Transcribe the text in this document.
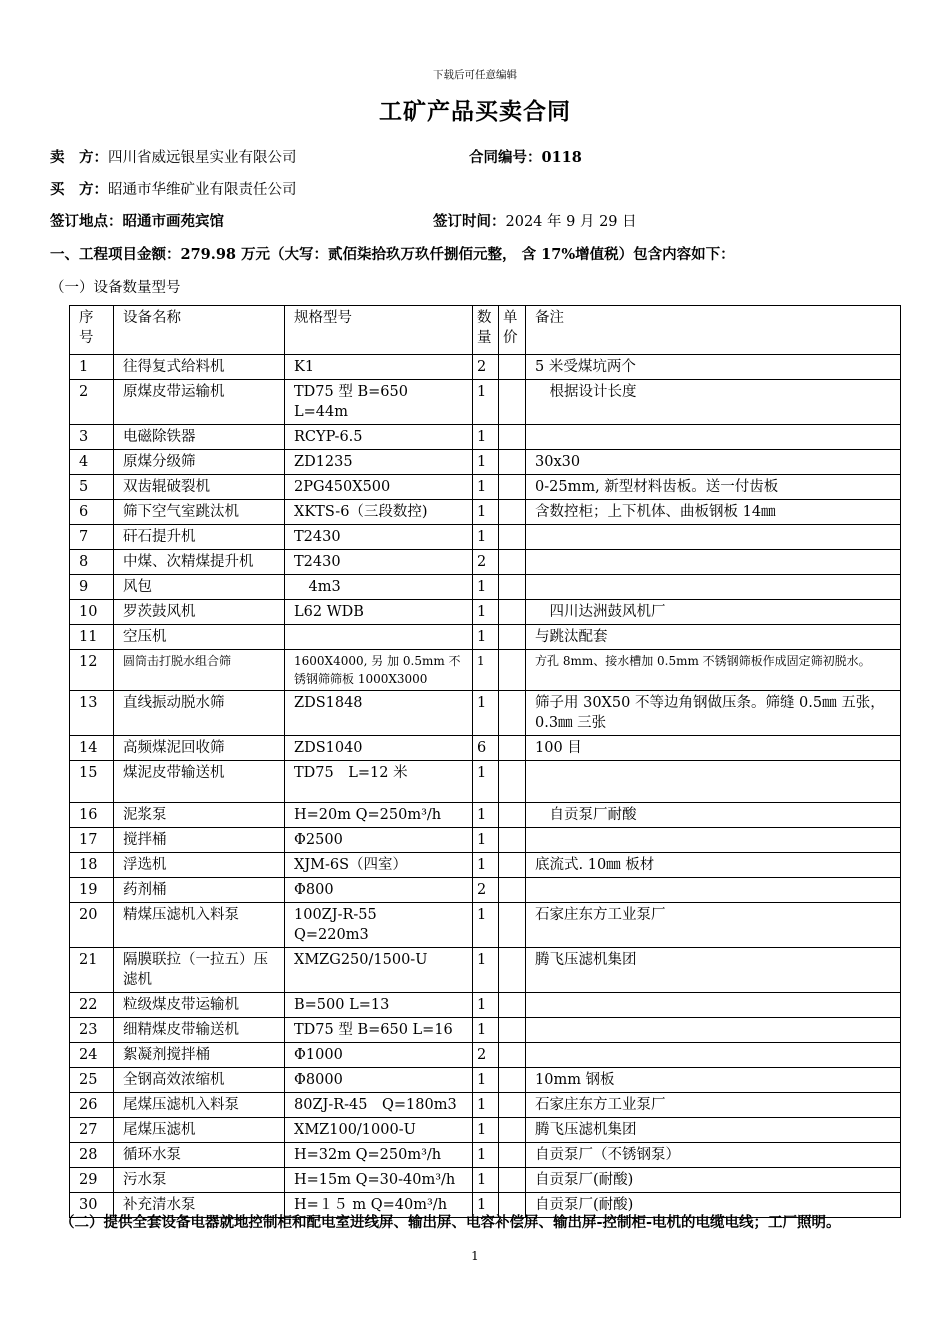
下载后可任意编辑
工矿产品买卖合同
卖　方：四川省威远银星实业有限公司	合同编号：0118
买　方：昭通市华维矿业有限责任公司
签订地点：昭通市画苑宾馆	签订时间：2024 年 9 月 29 日
一、工程项目金额：279.98 万元（大写：贰佰柒拾玖万玖仟捌佰元整， 含 17%增值税）包含内容如下：
（一）设备数量型号
序号	设备名称	规格型号	数量	单价	备注
1	往得复式给料机	K1	2		5 米受煤坑两个
2	原煤皮带运输机	TD75 型 B=650 L=44m	1		　根据设计长度
3	电磁除铁器	RCYP-6.5	1		
4	原煤分级筛	ZD1235	1		30x30
5	双齿辊破裂机	2PG450X500	1		0-25mm, 新型材料齿板。送一付齿板
6	筛下空气室跳汰机	XKTS-6（三段数控)	1		含数控柜；上下机体、曲板钢板 14㎜
7	矸石提升机	T2430	1		
8	中煤、次精煤提升机	T2430	2		
9	风包	　4m3	1		
10	罗茨鼓风机	L62 WDB	1		　四川达洲鼓风机厂
11	空压机		1		与跳汰配套
12	圆筒击打脱水组合筛	1600X4000, 另 加 0.5mm 不锈钢筛筛板 1000X3000	1		方孔 8mm、接水槽加 0.5mm 不锈钢筛板作成固定筛初脱水。
13	直线振动脱水筛	ZDS1848	1		筛子用 30X50 不等边角钢做压条。筛缝 0.5㎜ 五张，0.3㎜ 三张
14	高频煤泥回收筛	ZDS1040	6		100 目
15	煤泥皮带输送机	TD75　L=12 米	1		
16	泥浆泵	H=20m Q=250m³/h	1		　自贡泵厂耐酸
17	搅拌桶	Φ2500	1		
18	浮选机	XJM-6S（四室）	1		底流式. 10㎜ 板材
19	药剂桶	Φ800	2		
20	精煤压滤机入料泵	100ZJ-R-55　Q=220m3	1		石家庄东方工业泵厂
21	隔膜联拉（一拉五）压滤机	XMZG250/1500-U	1		腾飞压滤机集团
22	粒级煤皮带运输机	B=500 L=13	1		
23	细精煤皮带输送机	TD75 型 B=650 L=16	1		
24	絮凝剂搅拌桶	Φ1000	2		
25	全钢高效浓缩机	Φ8000	1		10mm 钢板
26	尾煤压滤机入料泵	80ZJ-R-45　Q=180m3	1		石家庄东方工业泵厂
27	尾煤压滤机	XMZ100/1000-U	1		腾飞压滤机集团
28	循环水泵	H=32m Q=250m³/h	1		自贡泵厂（不锈钢泵）
29	污水泵	H=15m Q=30-40m³/h	1		自贡泵厂(耐酸)
30	补充清水泵	H=１５ m Q=40m³/h	1		自贡泵厂(耐酸)
（二）提供全套设备电器就地控制柜和配电室进线屏、输出屏、电容补偿屏、输出屏-控制柜-电机的电缆电线；工厂照明。
1
